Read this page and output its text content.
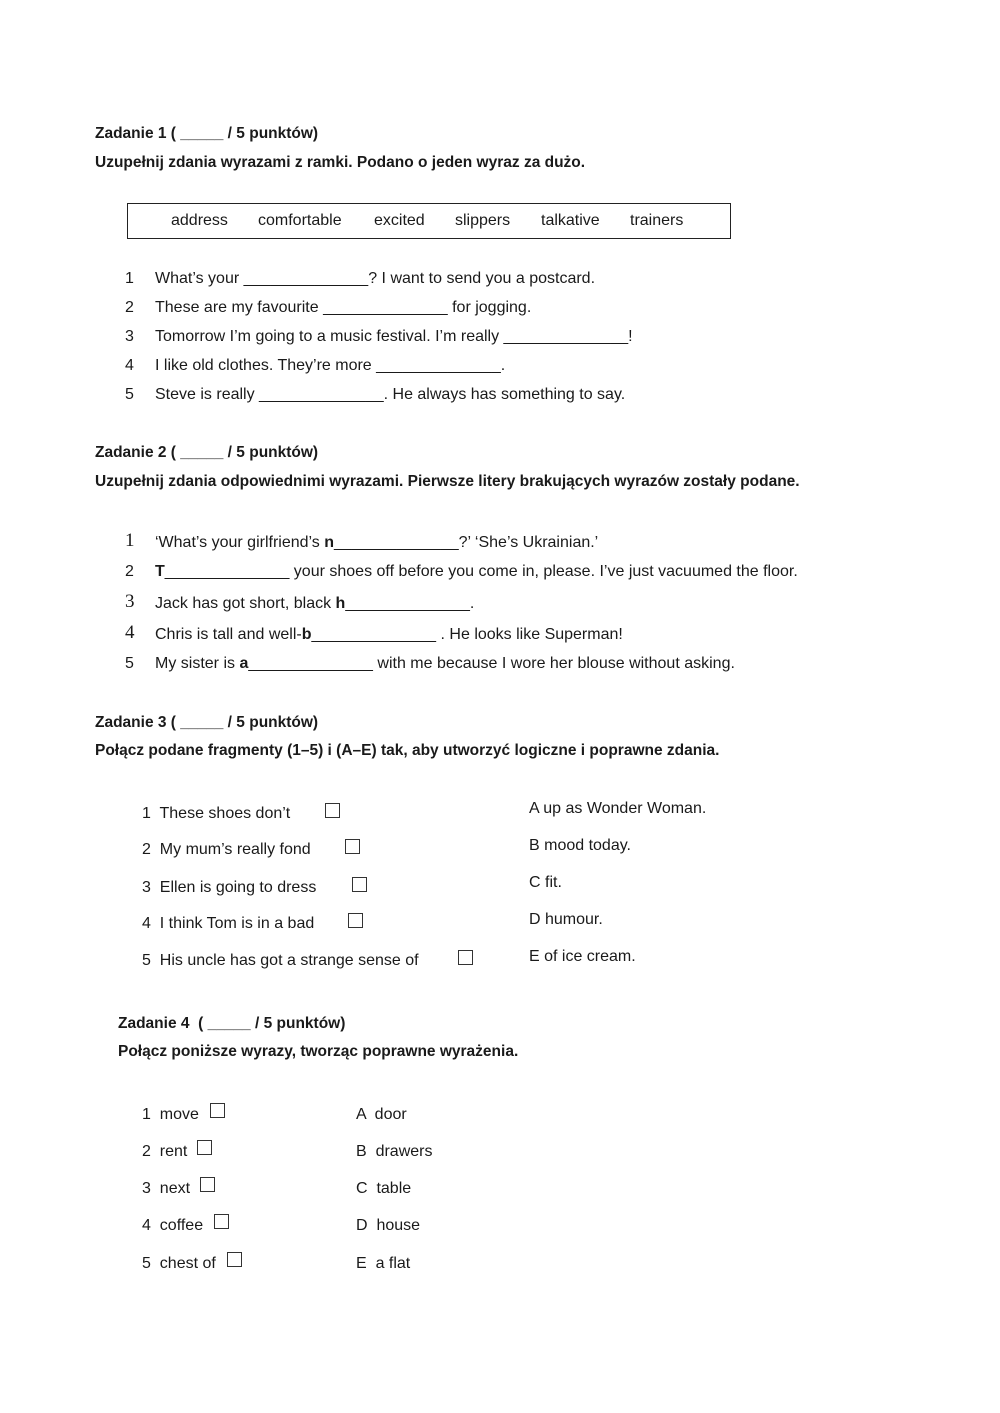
Zadanie 1 ( _____ / 5 punktów)
Uzupełnij zdania wyrazami z ramki. Podano o jeden wyraz za dużo.
address comfortable excited slippers talkative trainers
1 What’s your ______________? I want to send you a postcard.
2 These are my favourite ______________ for jogging.
3 Tomorrow I’m going to a music festival. I’m really ______________!
4 I like old clothes. They’re more ______________.
5 Steve is really ______________. He always has something to say.
Zadanie 2 ( _____ / 5 punktów)
Uzupełnij zdania odpowiednimi wyrazami. Pierwsze litery brakujących wyrazów zostały podane.
1 ‘What’s your girlfriend’s n______________?’ ‘She’s Ukrainian.’
2 T______________ your shoes off before you come in, please. I’ve just vacuumed the floor.
3 Jack has got short, black h______________.
4 Chris is tall and well-b______________ . He looks like Superman!
5 My sister is a______________ with me because I wore her blouse without asking.
Zadanie 3 ( _____ / 5 punktów)
Połącz podane fragmenty (1–5) i (A–E) tak, aby utworzyć logiczne i poprawne zdania.
1  These shoes don’t
2  My mum’s really fond
3  Ellen is going to dress
4  I think Tom is in a bad
5  His uncle has got a strange sense of
A up as Wonder Woman.
B mood today.
C fit.
D humour.
E of ice cream.
Zadanie 4  ( _____ / 5 punktów)
Połącz poniższe wyrazy, tworząc poprawne wyrażenia.
1  move
2  rent
3  next
4  coffee
5  chest of
A  door
B  drawers
C  table
D  house
E  a flat
